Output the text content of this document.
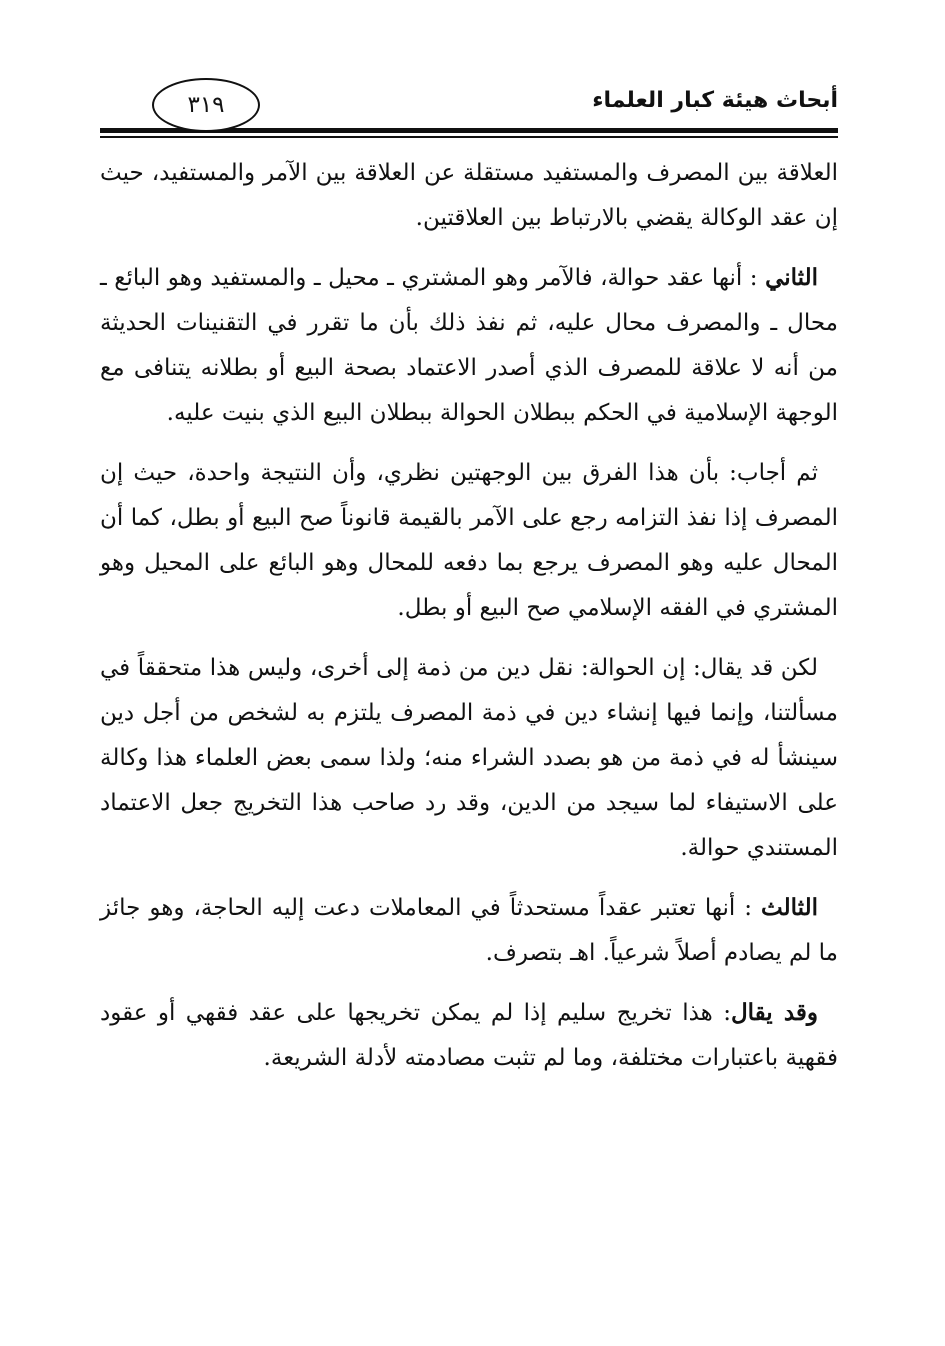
أبحاث هيئة كبار العلماء
٣١٩

العلاقة بين المصرف والمستفيد مستقلة عن العلاقة بين الآمر والمستفيد، حيث إن عقد الوكالة يقضي بالارتباط بين العلاقتين.

الثاني : أنها عقد حوالة، فالآمر وهو المشتري ـ محيل ـ والمستفيد وهو البائع ـ محال ـ والمصرف محال عليه، ثم نفذ ذلك بأن ما تقرر في التقنينات الحديثة من أنه لا علاقة للمصرف الذي أصدر الاعتماد بصحة البيع أو بطلانه يتنافى مع الوجهة الإسلامية في الحكم ببطلان الحوالة ببطلان البيع الذي بنيت عليه.

ثم أجاب: بأن هذا الفرق بين الوجهتين نظري، وأن النتيجة واحدة، حيث إن المصرف إذا نفذ التزامه رجع على الآمر بالقيمة قانوناً صح البيع أو بطل، كما أن المحال عليه وهو المصرف يرجع بما دفعه للمحال وهو البائع على المحيل وهو المشتري في الفقه الإسلامي صح البيع أو بطل.

لكن قد يقال: إن الحوالة: نقل دين من ذمة إلى أخرى، وليس هذا متحققاً في مسألتنا، وإنما فيها إنشاء دين في ذمة المصرف يلتزم به لشخص من أجل دين سينشأ له في ذمة من هو بصدد الشراء منه؛ ولذا سمى بعض العلماء هذا وكالة على الاستيفاء لما سيجد من الدين، وقد رد صاحب هذا التخريج جعل الاعتماد المستندي حوالة.

الثالث : أنها تعتبر عقداً مستحدثاً في المعاملات دعت إليه الحاجة، وهو جائز ما لم يصادم أصلاً شرعياً. اهـ بتصرف.

وقد يقال: هذا تخريج سليم إذا لم يمكن تخريجها على عقد فقهي أو عقود فقهية باعتبارات مختلفة، وما لم تثبت مصادمته لأدلة الشريعة.
